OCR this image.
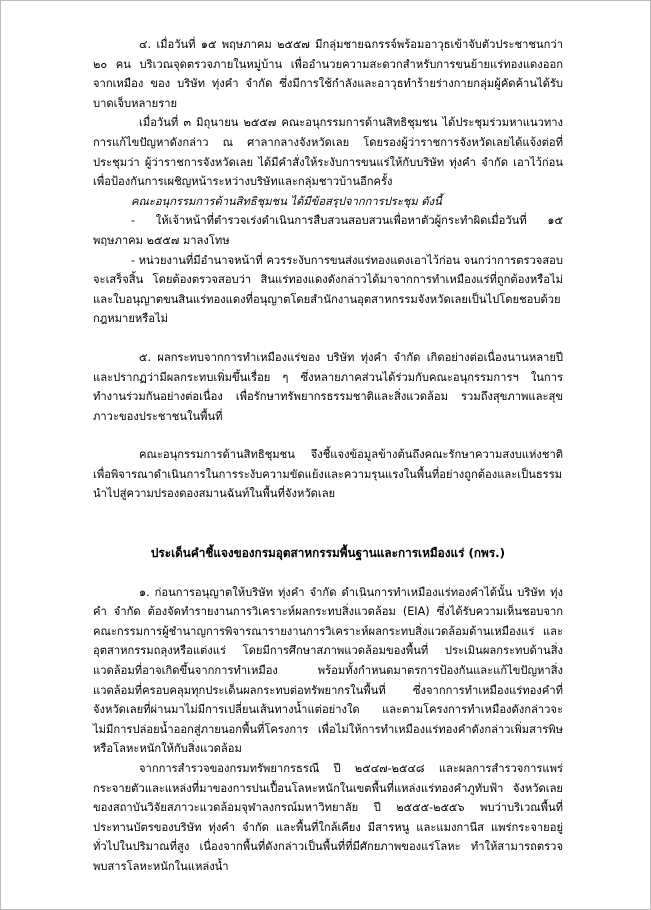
๔. เมื่อวันที่ ๑๕ พฤษภาคม ๒๕๕๗ มีกลุ่มชายฉกรรจ์พร้อมอาวุธเข้าจับตัวประชาชนกว่า ๒๐ คน บริเวณจุดตรวจภายในหมู่บ้าน เพื่ออำนวยความสะดวกสำหรับการขนย้ายแร่ทองแดงออกจากเหมือง ของ บริษัท ทุ่งคำ จำกัด ซึ่งมีการใช้กำลังและอาวุธทำร้ายร่างกายกลุ่มผู้คัดค้านได้รับบาดเจ็บหลายราย

เมื่อวันที่ ๓ มิถุนายน ๒๕๕๗ คณะอนุกรรมการด้านสิทธิชุมชน ได้ประชุมร่วมหาแนวทางการแก้ไขปัญหาดังกล่าว ณ ศาลากลางจังหวัดเลย โดยรองผู้ว่าราชการจังหวัดเลยได้แจ้งต่อที่ประชุมว่า ผู้ว่าราชการจังหวัดเลย ได้มีคำสั่งให้ระงับการขนแร่ให้กับบริษัท ทุ่งคำ จำกัด เอาไว้ก่อน เพื่อป้องกันการเผชิญหน้าระหว่างบริษัทและกลุ่มชาวบ้านอีกครั้ง

คณะอนุกรรมการด้านสิทธิชุมชน ได้มีข้อสรุปจากการประชุม ดังนี้

- ให้เจ้าหน้าที่ตำรวจเร่งดำเนินการสืบสวนสอบสวนเพื่อหาตัวผู้กระทำผิดเมื่อวันที่ ๑๕ พฤษภาคม ๒๕๕๗ มาลงโทษ

- หน่วยงานที่มีอำนาจหน้าที่ ควรระงับการขนส่งแร่ทองแดงเอาไว้ก่อน จนกว่าการตรวจสอบจะเสร็จสิ้น โดยต้องตรวจสอบว่า สินแร่ทองแดงดังกล่าวได้มาจากการทำเหมืองแร่ที่ถูกต้องหรือไม่ และใบอนุญาตขนสินแร่ทองแดงที่อนุญาตโดยสำนักงานอุตสาหกรรมจังหวัดเลยเป็นไปโดยชอบด้วยกฎหมายหรือไม่

๕. ผลกระทบจากการทำเหมืองแร่ของ บริษัท ทุ่งคำ จำกัด เกิดอย่างต่อเนื่องนานหลายปี และปรากฏว่ามีผลกระทบเพิ่มขึ้นเรื่อย ๆ ซึ่งหลายภาคส่วนได้ร่วมกับคณะอนุกรรมการฯ ในการทำงานร่วมกันอย่างต่อเนื่อง เพื่อรักษาทรัพยากรธรรมชาติและสิ่งแวดล้อม รวมถึงสุขภาพและสุขภาวะของประชาชนในพื้นที่

คณะอนุกรรมการด้านสิทธิชุมชน จึงชี้แจงข้อมูลข้างต้นถึงคณะรักษาความสงบแห่งชาติ เพื่อพิจารณาดำเนินการในการระงับความขัดแย้งและความรุนแรงในพื้นที่อย่างถูกต้องและเป็นธรรม นำไปสู่ความปรองดองสมานฉันท์ในพื้นที่จังหวัดเลย

ประเด็นคำชี้แจงของกรมอุตสาหกรรมพื้นฐานและการเหมืองแร่ (กพร.)

๑. ก่อนการอนุญาตให้บริษัท ทุ่งคำ จำกัด ดำเนินการทำเหมืองแร่ทองคำได้นั้น บริษัท ทุ่งคำ จำกัด ต้องจัดทำรายงานการวิเคราะห์ผลกระทบสิ่งแวดล้อม (EIA) ซึ่งได้รับความเห็นชอบจากคณะกรรมการผู้ชำนาญการพิจารณารายงานการวิเคราะห์ผลกระทบสิ่งแวดล้อมด้านเหมืองแร่ และอุตสาหกรรมถลุงหรือแต่งแร่ โดยมีการศึกษาสภาพแวดล้อมของพื้นที่ ประเมินผลกระทบด้านสิ่งแวดล้อมที่อาจเกิดขึ้นจากการทำเหมือง พร้อมทั้งกำหนดมาตรการป้องกันและแก้ไขปัญหาสิ่งแวดล้อมที่ครอบคลุมทุกประเด็นผลกระทบต่อทรัพยากรในพื้นที่ ซึ่งจากการทำเหมืองแร่ทองคำที่จังหวัดเลยที่ผ่านมาไม่มีการเปลี่ยนเส้นทางน้ำแต่อย่างใด และตามโครงการทำเหมืองดังกล่าวจะไม่มีการปล่อยน้ำออกสู่ภายนอกพื้นที่โครงการ เพื่อไม่ให้การทำเหมืองแร่ทองคำดังกล่าวเพิ่มสารพิษหรือโลหะหนักให้กับสิ่งแวดล้อม

จากการสำรวจของกรมทรัพยากรธรณี ปี ๒๕๔๗-๒๕๔๘ และผลการสำรวจการแพร่กระจายตัวและแหล่งที่มาของการปนเปื้อนโลหะหนักในเขตพื้นที่แหล่งแร่ทองคำภูทับฟ้า จังหวัดเลย ของสถาบันวิจัยสภาวะแวดล้อมจุฬาลงกรณ์มหาวิทยาลัย ปี ๒๕๕๕-๒๕๕๖ พบว่าบริเวณพื้นที่ประทานบัตรของบริษัท ทุ่งคำ จำกัด และพื้นที่ใกล้เคียง มีสารหนู และแมงกานีส แพร่กระจายอยู่ทั่วไปในปริมาณที่สูง เนื่องจากพื้นที่ดังกล่าวเป็นพื้นที่ที่มีศักยภาพของแร่โลหะ ทำให้สามารถตรวจพบสารโลหะหนักในแหล่งน้ำ
